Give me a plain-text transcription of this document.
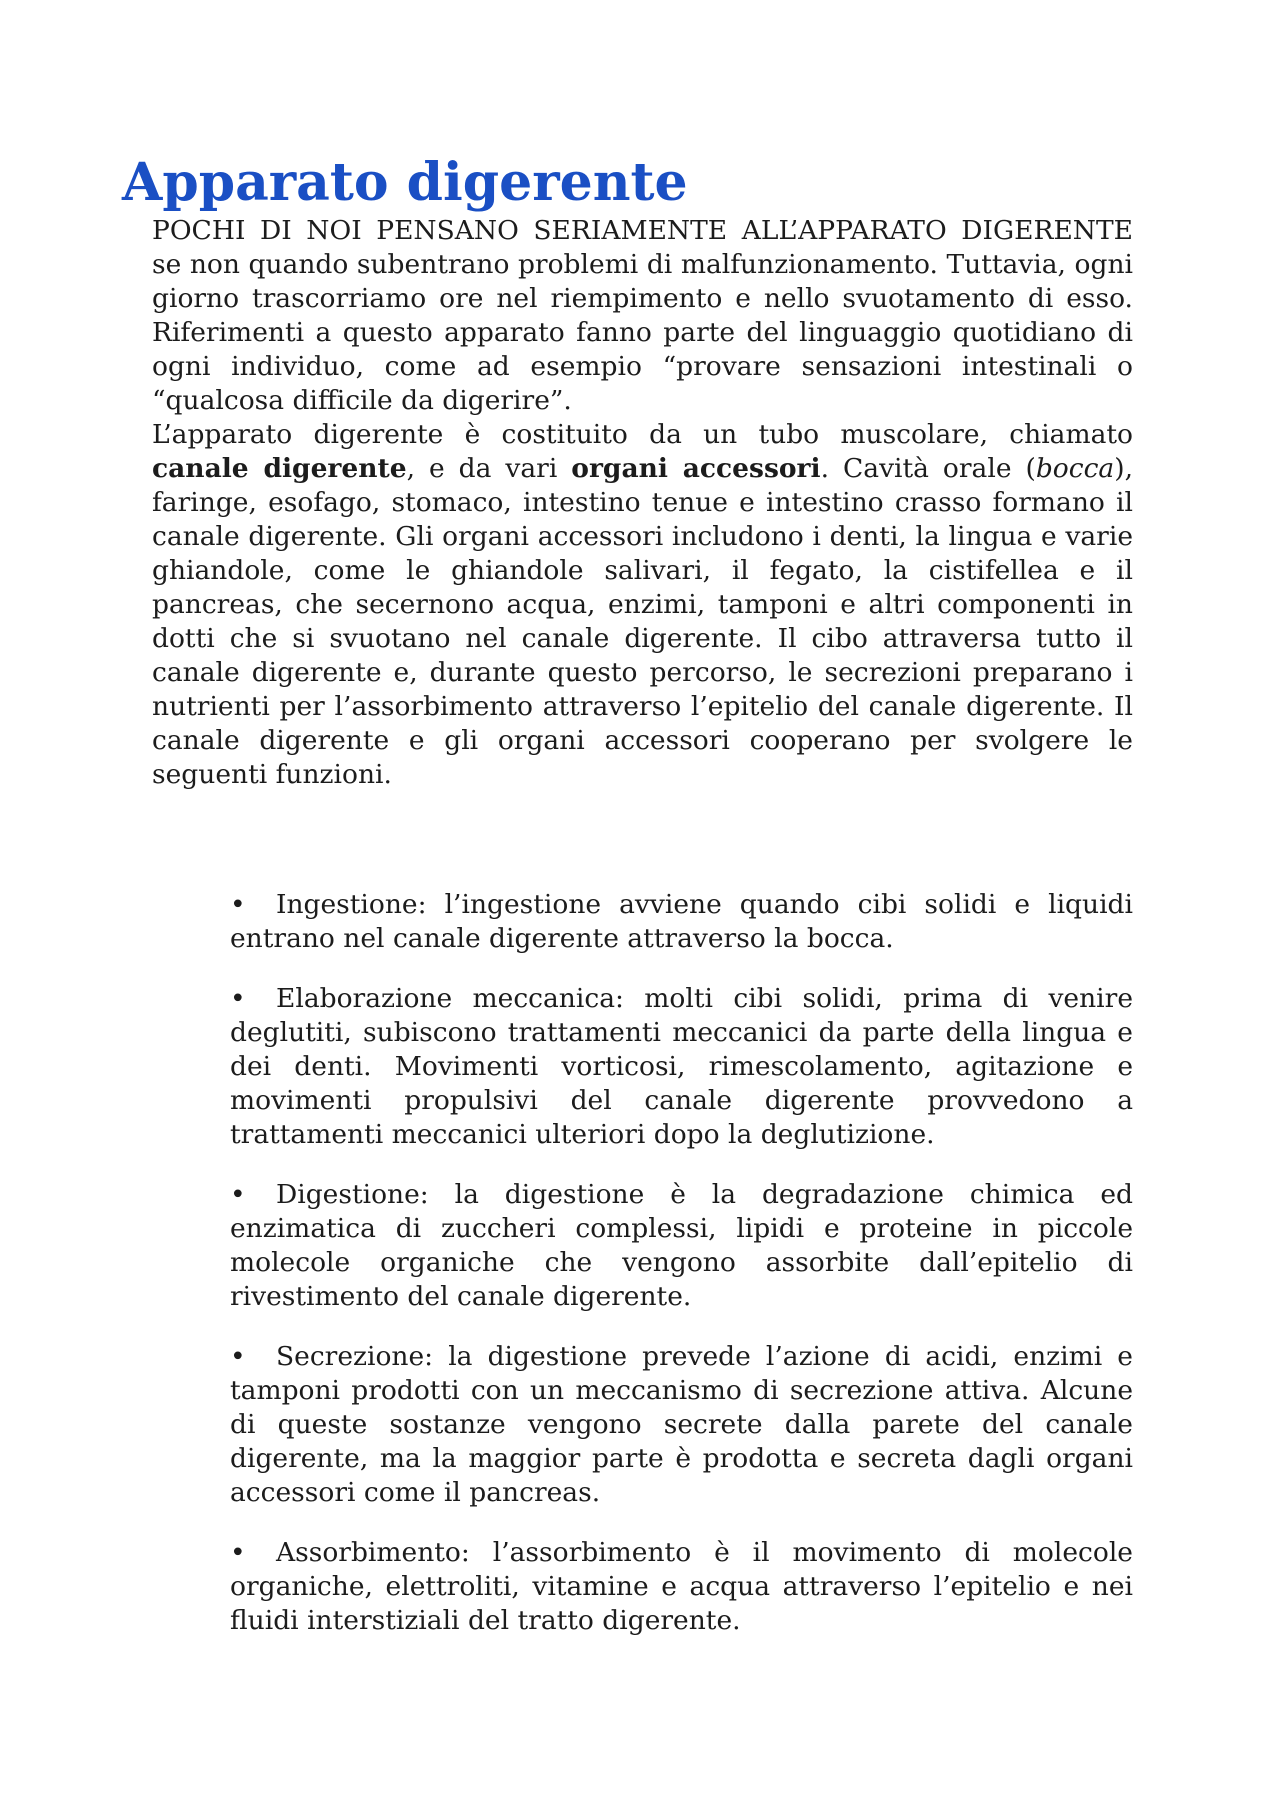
Apparato digerente

POCHI DI NOI PENSANO SERIAMENTE ALL’APPARATO DIGERENTE se non quando subentrano problemi di malfunzionamento. Tuttavia, ogni giorno trascorriamo ore nel riempimento e nello svuotamento di esso. Riferimenti a questo apparato fanno parte del linguaggio quotidiano di ogni individuo, come ad esempio “provare sensazioni intestinali o “qualcosa difficile da digerire”.

L’apparato digerente è costituito da un tubo muscolare, chiamato canale digerente, e da vari organi accessori. Cavità orale (bocca), faringe, esofago, stomaco, intestino tenue e intestino crasso formano il canale digerente. Gli organi accessori includono i denti, la lingua e varie ghiandole, come le ghiandole salivari, il fegato, la cistifellea e il pancreas, che secernono acqua, enzimi, tamponi e altri componenti in dotti che si svuotano nel canale digerente. Il cibo attraversa tutto il canale digerente e, durante questo percorso, le secrezioni preparano i nutrienti per l’assorbimento attraverso l’epitelio del canale digerente. Il canale digerente e gli organi accessori cooperano per svolgere le seguenti funzioni.

• Ingestione: l’ingestione avviene quando cibi solidi e liquidi entrano nel canale digerente attraverso la bocca.
• Elaborazione meccanica: molti cibi solidi, prima di venire deglutiti, subiscono trattamenti meccanici da parte della lingua e dei denti. Movimenti vorticosi, rimescolamento, agitazione e movimenti propulsivi del canale digerente provvedono a trattamenti meccanici ulteriori dopo la deglutizione.
• Digestione: la digestione è la degradazione chimica ed enzimatica di zuccheri complessi, lipidi e proteine in piccole molecole organiche che vengono assorbite dall’epitelio di rivestimento del canale digerente.
• Secrezione: la digestione prevede l’azione di acidi, enzimi e tamponi prodotti con un meccanismo di secrezione attiva. Alcune di queste sostanze vengono secrete dalla parete del canale digerente, ma la maggior parte è prodotta e secreta dagli organi accessori come il pancreas.
• Assorbimento: l’assorbimento è il movimento di molecole organiche, elettroliti, vitamine e acqua attraverso l’epitelio e nei fluidi interstiziali del tratto digerente.
